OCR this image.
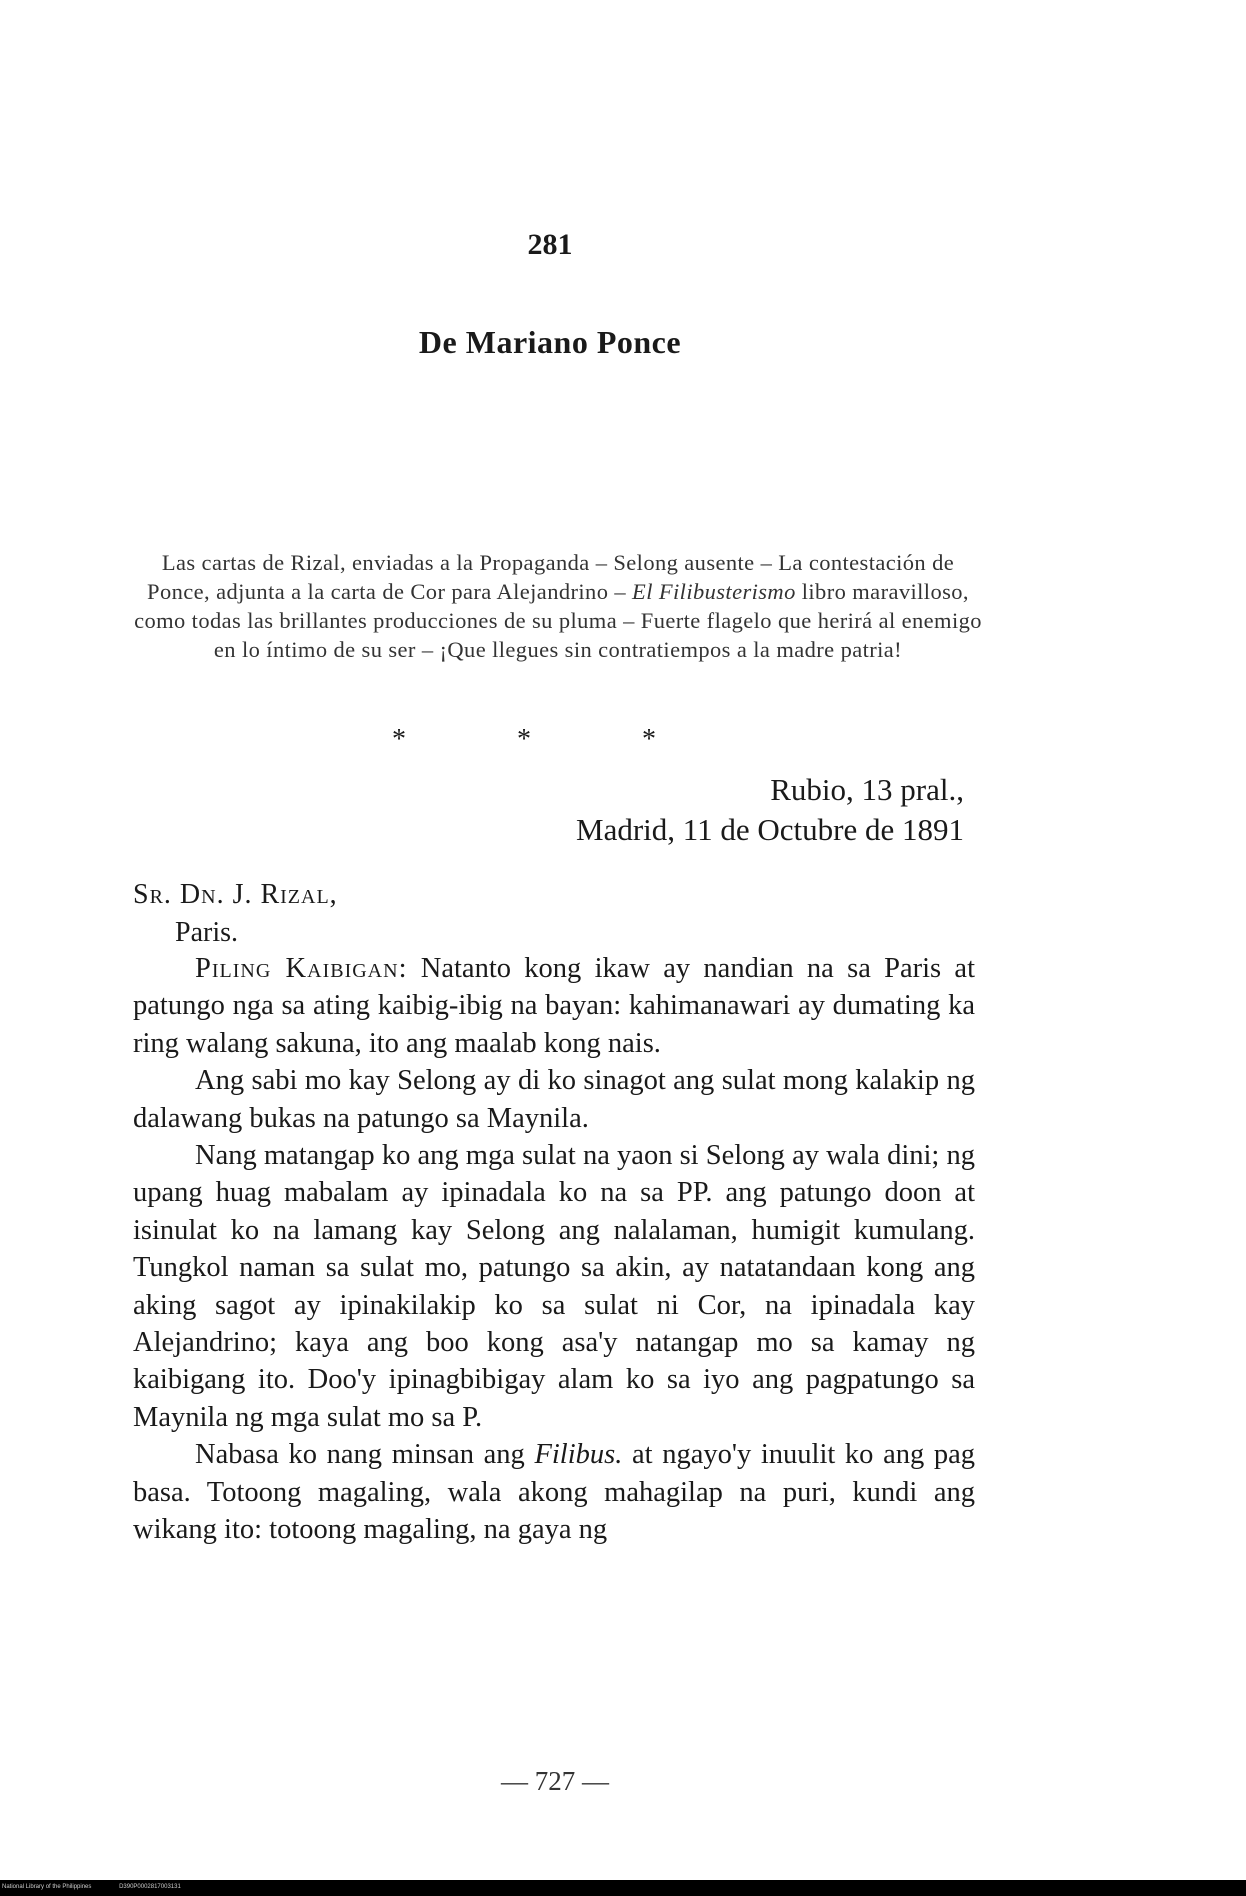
281
De Mariano Ponce
Las cartas de Rizal, enviadas a la Propaganda – Selong ausente – La contestación de Ponce, adjunta a la carta de Cor para Alejandrino – El Filibusterismo libro maravilloso, como todas las brillantes producciones de su pluma – Fuerte flagelo que herirá al enemigo en lo íntimo de su ser – ¡Que llegues sin contratiempos a la madre patria!
* * *
Rubio, 13 pral.,
Madrid, 11 de Octubre de 1891
Sr. Dn. J. Rizal,
Paris.

Piling Kaibigan: Natanto kong ikaw ay nandian na sa Paris at patungo nga sa ating kaibig-ibig na bayan: kahimanawari ay dumating ka ring walang sakuna, ito ang maalab kong nais.

Ang sabi mo kay Selong ay di ko sinagot ang sulat mong kalakip ng dalawang bukas na patungo sa Maynila.

Nang matangap ko ang mga sulat na yaon si Selong ay wala dini; ng upang huag mabalam ay ipinadala ko na sa PP. ang patungo doon at isinulat ko na lamang kay Selong ang nalalaman, humigit kumulang. Tungkol naman sa sulat mo, patungo sa akin, ay natatandaan kong ang aking sagot ay ipinakilakip ko sa sulat ni Cor, na ipinadala kay Alejandrino; kaya ang boo kong asa'y natangap mo sa kamay ng kaibigang ito. Doo'y ipinagbibigay alam ko sa iyo ang pagpatungo sa Maynila ng mga sulat mo sa P.

Nabasa ko nang minsan ang Filibus. at ngayo'y inuulit ko ang pag basa. Totoong magaling, wala akong mahagilap na puri, kundi ang wikang ito: totoong magaling, na gaya ng

— 727 —
National Library of the Philippines	D390P0002817003131
